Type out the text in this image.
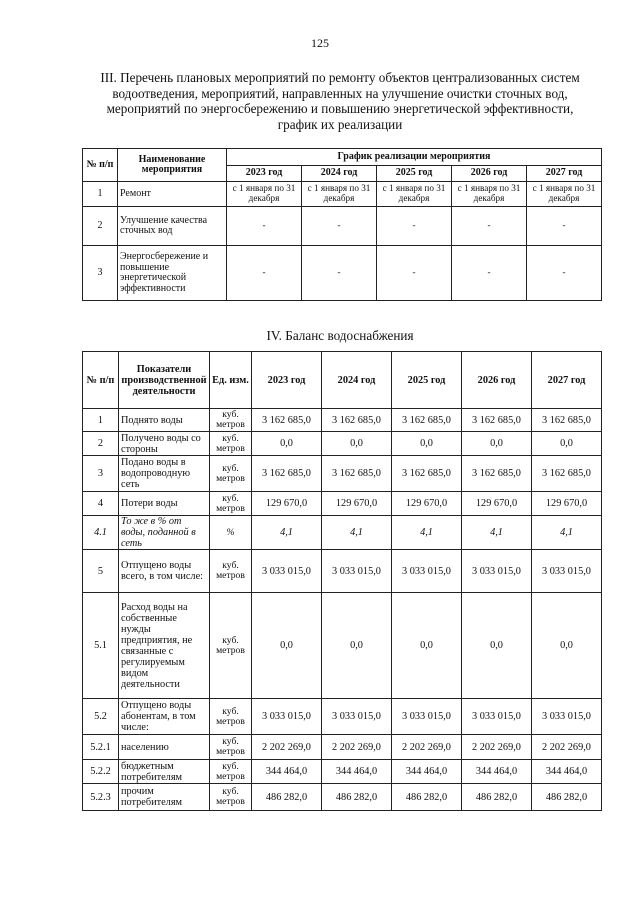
125
III. Перечень плановых мероприятий по ремонту объектов централизованных систем водоотведения, мероприятий, направленных на улучшение очистки сточных вод, мероприятий по энергосбережению и повышению энергетической эффективности, график их реализации
№ п/п	Наименование мероприятия	График реализации мероприятия				
		2023 год	2024 год	2025 год	2026 год	2027 год
1	Ремонт	с 1 января по 31 декабря	с 1 января по 31 декабря	с 1 января по 31 декабря	с 1 января по 31 декабря	с 1 января по 31 декабря
2	Улучшение качества сточных вод	-	-	-	-	-
3	Энергосбережение и повышение энергетической эффективности	-	-	-	-	-
IV. Баланс водоснабжения
№ п/п	Показатели производственной деятельности	Ед. изм.	2023 год	2024 год	2025 год	2026 год	2027 год
1	Поднято воды	куб. метров	3 162 685,0	3 162 685,0	3 162 685,0	3 162 685,0	3 162 685,0
2	Получено воды со стороны	куб. метров	0,0	0,0	0,0	0,0	0,0
3	Подано воды в водопроводную сеть	куб. метров	3 162 685,0	3 162 685,0	3 162 685,0	3 162 685,0	3 162 685,0
4	Потери воды	куб. метров	129 670,0	129 670,0	129 670,0	129 670,0	129 670,0
4.1	То же в % от воды, поданной в сеть	%	4,1	4,1	4,1	4,1	4,1
5	Отпущено воды всего, в том числе:	куб. метров	3 033 015,0	3 033 015,0	3 033 015,0	3 033 015,0	3 033 015,0
5.1	Расход воды на собственные нужды предприятия, не связанные с регулируемым видом деятельности	куб. метров	0,0	0,0	0,0	0,0	0,0
5.2	Отпущено воды абонентам, в том числе:	куб. метров	3 033 015,0	3 033 015,0	3 033 015,0	3 033 015,0	3 033 015,0
5.2.1	населению	куб. метров	2 202 269,0	2 202 269,0	2 202 269,0	2 202 269,0	2 202 269,0
5.2.2	бюджетным потребителям	куб. метров	344 464,0	344 464,0	344 464,0	344 464,0	344 464,0
5.2.3	прочим потребителям	куб. метров	486 282,0	486 282,0	486 282,0	486 282,0	486 282,0
